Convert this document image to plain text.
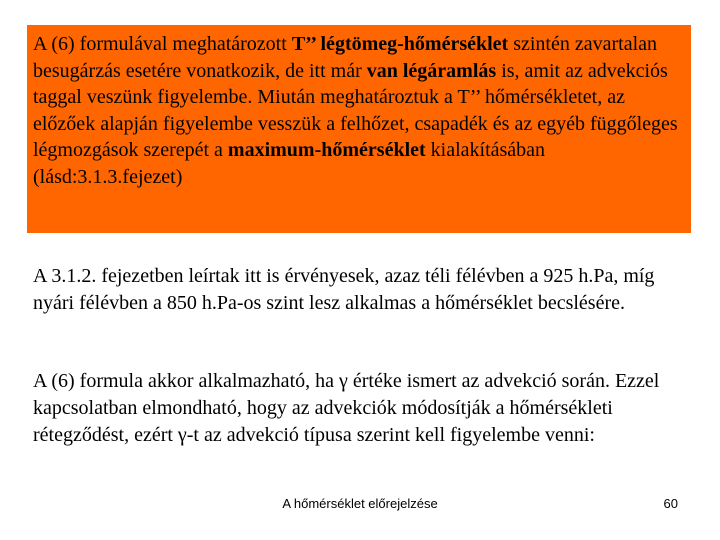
A (6) formulával meghatározott T’’ légtömeg-hőmérséklet szintén zavartalan besugárzás esetére vonatkozik, de itt már van légáramlás is, amit az advekciós taggal veszünk figyelembe. Miután meghatároztuk a T’’ hőmérsékletet, az előzőek alapján figyelembe vesszük a felhőzet, csapadék és az egyéb függőleges légmozgások szerepét a maximum-hőmérséklet kialakításában (lásd:3.1.3.fejezet)

A 3.1.2. fejezetben leírtak itt is érvényesek, azaz téli félévben a 925 h.Pa, míg nyári félévben a 850 h.Pa-os szint lesz alkalmas a hőmérséklet becslésére.

A (6) formula akkor alkalmazható, ha γ értéke ismert az advekció során. Ezzel kapcsolatban elmondható, hogy az advekciók módosítják a hőmérsékleti rétegződést, ezért γ-t az advekció típusa szerint kell figyelembe venni:

A hőmérséklet előrejelzése	60
